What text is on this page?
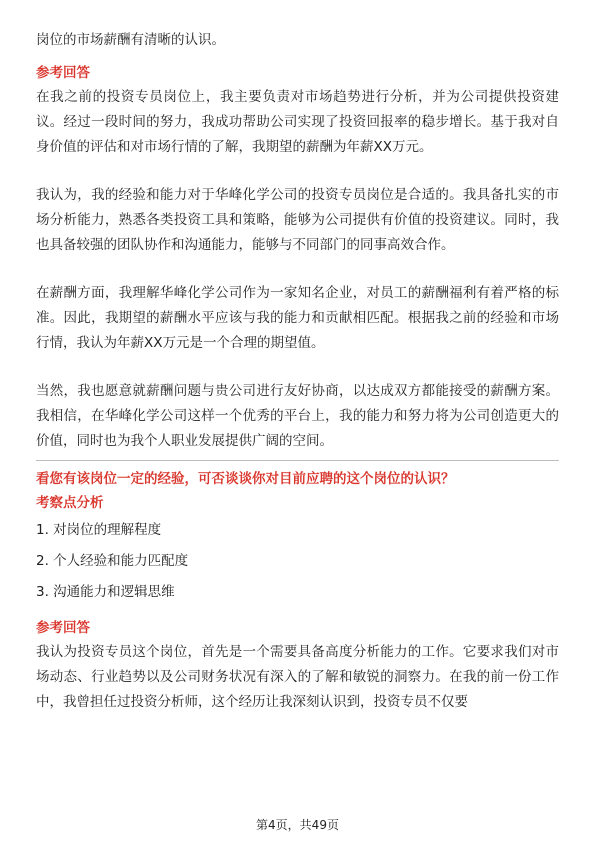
岗位的市场薪酬有清晰的认识。

参考回答

在我之前的投资专员岗位上，我主要负责对市场趋势进行分析，并为公司提供投资建议。经过一段时间的努力，我成功帮助公司实现了投资回报率的稳步增长。基于我对自身价值的评估和对市场行情的了解，我期望的薪酬为年薪XX万元。

我认为，我的经验和能力对于华峰化学公司的投资专员岗位是合适的。我具备扎实的市场分析能力，熟悉各类投资工具和策略，能够为公司提供有价值的投资建议。同时，我也具备较强的团队协作和沟通能力，能够与不同部门的同事高效合作。

在薪酬方面，我理解华峰化学公司作为一家知名企业，对员工的薪酬福利有着严格的标准。因此，我期望的薪酬水平应该与我的能力和贡献相匹配。根据我之前的经验和市场行情，我认为年薪XX万元是一个合理的期望值。

当然，我也愿意就薪酬问题与贵公司进行友好协商，以达成双方都能接受的薪酬方案。我相信，在华峰化学公司这样一个优秀的平台上，我的能力和努力将为公司创造更大的价值，同时也为我个人职业发展提供广阔的空间。

看您有该岗位一定的经验，可否谈谈你对目前应聘的这个岗位的认识？

考察点分析

1. 对岗位的理解程度

2. 个人经验和能力匹配度

3. 沟通能力和逻辑思维

参考回答

我认为投资专员这个岗位，首先是一个需要具备高度分析能力的工作。它要求我们对市场动态、行业趋势以及公司财务状况有深入的了解和敏锐的洞察力。在我的前一份工作中，我曾担任过投资分析师，这个经历让我深刻认识到，投资专员不仅要

第4页，共49页
